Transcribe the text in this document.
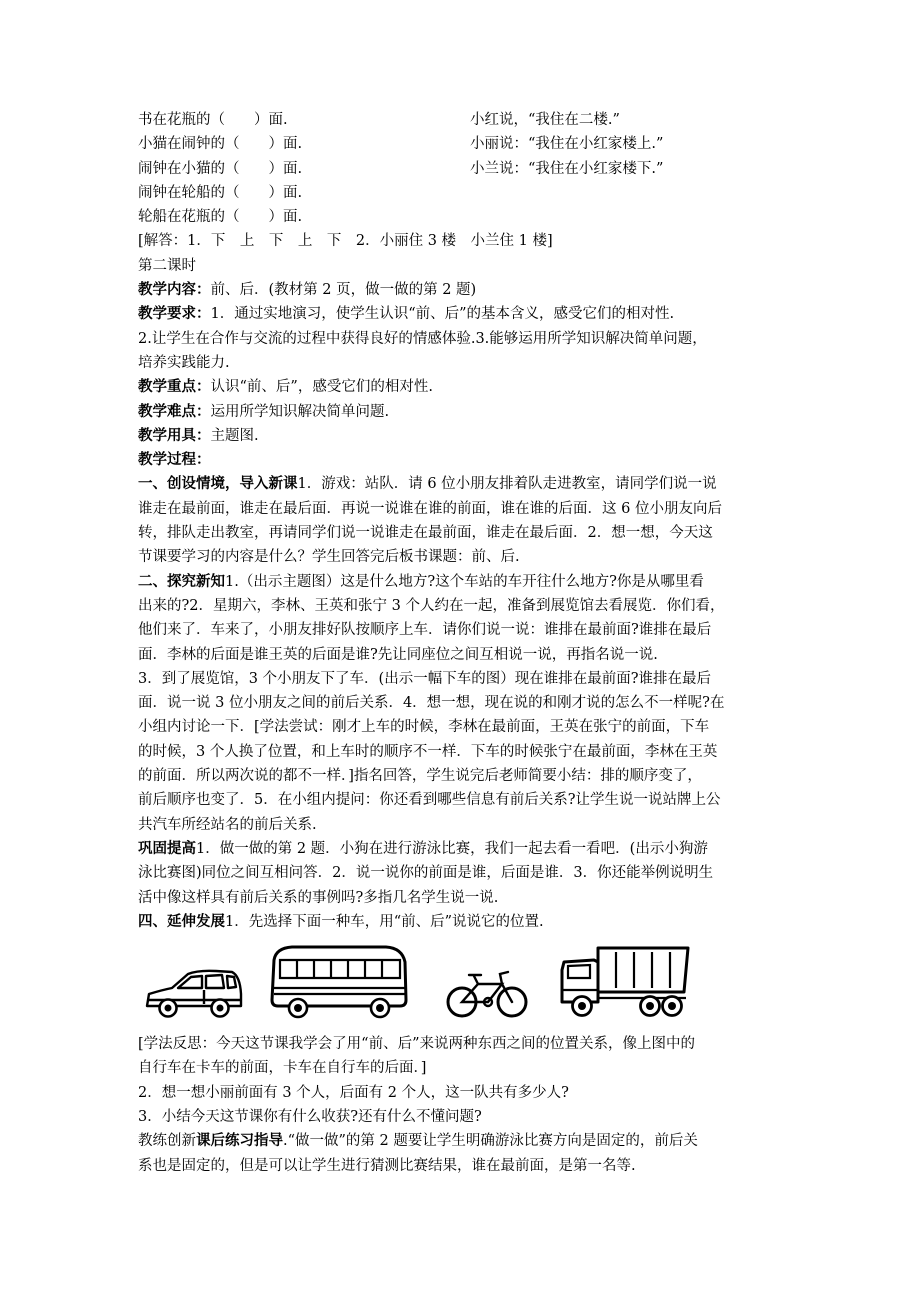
书在花瓶的（　　）面.	小红说，“我住在二楼.”
小猫在闹钟的（　　）面.	小丽说：“我住在小红家楼上.”
闹钟在小猫的（　　）面.	小兰说：“我住在小红家楼下.”
闹钟在轮船的（　　）面.
轮船在花瓶的（　　）面.
[解答：1．下　上　下　上　下　2．小丽住 3 楼　小兰住 1 楼]
第二课时
教学内容：前、后．(教材第 2 页，做一做的第 2 题)
教学要求：1．通过实地演习，使学生认识“前、后”的基本含义，感受它们的相对性.
2.让学生在合作与交流的过程中获得良好的情感体验.3.能够运用所学知识解决简单问题，
培养实践能力.
教学重点：认识“前、后”，感受它们的相对性.
教学难点：运用所学知识解决简单问题.
教学用具：主题图.
教学过程：
一、创设情境，导入新课1．游戏：站队．请 6 位小朋友排着队走进教室，请同学们说一说
谁走在最前面，谁走在最后面．再说一说谁在谁的前面，谁在谁的后面．这 6 位小朋友向后
转，排队走出教室，再请同学们说一说谁走在最前面，谁走在最后面．2．想一想，今天这
节课要学习的内容是什么？学生回答完后板书课题：前、后.
二、探究新知1.（出示主题图）这是什么地方?这个车站的车开往什么地方?你是从哪里看
出来的?2．星期六，李林、王英和张宁 3 个人约在一起，准备到展览馆去看展览．你们看，
他们来了．车来了，小朋友排好队按顺序上车．请你们说一说：谁排在最前面?谁排在最后
面．李林的后面是谁王英的后面是谁?先让同座位之间互相说一说，再指名说一说.
3．到了展览馆，3 个小朋友下了车．(出示一幅下车的图）现在谁排在最前面?谁排在最后
面．说一说 3 位小朋友之间的前后关系．4．想一想，现在说的和刚才说的怎么不一样呢?在
小组内讨论一下．[学法尝试：刚才上车的时候，李林在最前面，王英在张宁的前面，下车
的时候，3 个人换了位置，和上车时的顺序不一样．下车的时候张宁在最前面，李林在王英
的前面．所以两次说的都不一样．]指名回答，学生说完后老师简要小结：排的顺序变了，
前后顺序也变了．5．在小组内提问：你还看到哪些信息有前后关系?让学生说一说站牌上公
共汽车所经站名的前后关系.
巩固提高1．做一做的第 2 题．小狗在进行游泳比赛，我们一起去看一看吧．(出示小狗游
泳比赛图)同位之间互相问答．2．说一说你的前面是谁，后面是谁．3．你还能举例说明生
活中像这样具有前后关系的事例吗?多指几名学生说一说.
四、延伸发展1．先选择下面一种车，用“前、后”说说它的位置.
[学法反思：今天这节课我学会了用“前、后”来说两种东西之间的位置关系，像上图中的
自行车在卡车的前面，卡车在自行车的后面．]
2．想一想小丽前面有 3 个人，后面有 2 个人，这一队共有多少人?
3．小结今天这节课你有什么收获?还有什么不懂问题?
教练创新课后练习指导.“做一做”的第 2 题要让学生明确游泳比赛方向是固定的，前后关
系也是固定的，但是可以让学生进行猜测比赛结果，谁在最前面，是第一名等.
